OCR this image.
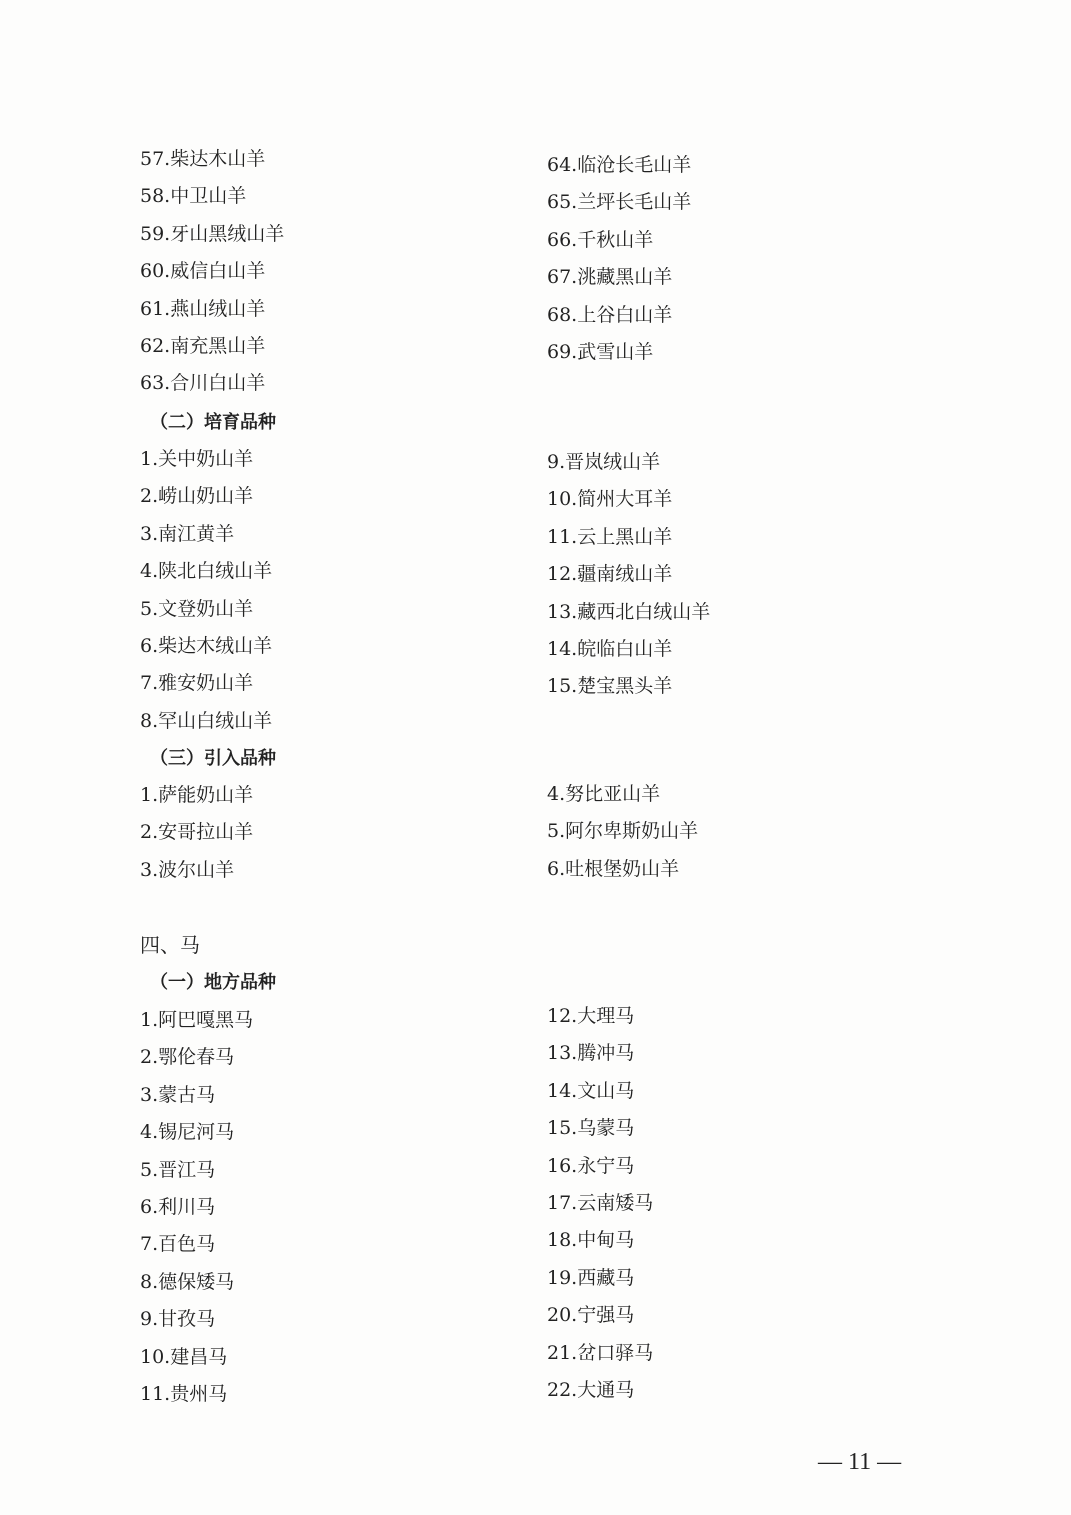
57.柴达木山羊
58.中卫山羊
59.牙山黑绒山羊
60.威信白山羊
61.燕山绒山羊
62.南充黑山羊
63.合川白山羊
64.临沧长毛山羊
65.兰坪长毛山羊
66.千秋山羊
67.洮藏黑山羊
68.上谷白山羊
69.武雪山羊
（二）培育品种
1.关中奶山羊
2.崂山奶山羊
3.南江黄羊
4.陕北白绒山羊
5.文登奶山羊
6.柴达木绒山羊
7.雅安奶山羊
8.罕山白绒山羊
9.晋岚绒山羊
10.简州大耳羊
11.云上黑山羊
12.疆南绒山羊
13.藏西北白绒山羊
14.皖临白山羊
15.楚宝黑头羊
（三）引入品种
1.萨能奶山羊
2.安哥拉山羊
3.波尔山羊
4.努比亚山羊
5.阿尔卑斯奶山羊
6.吐根堡奶山羊
四、马
（一）地方品种
1.阿巴嘎黑马
2.鄂伦春马
3.蒙古马
4.锡尼河马
5.晋江马
6.利川马
7.百色马
8.德保矮马
9.甘孜马
10.建昌马
11.贵州马
12.大理马
13.腾冲马
14.文山马
15.乌蒙马
16.永宁马
17.云南矮马
18.中甸马
19.西藏马
20.宁强马
21.岔口驿马
22.大通马
— 11 —
